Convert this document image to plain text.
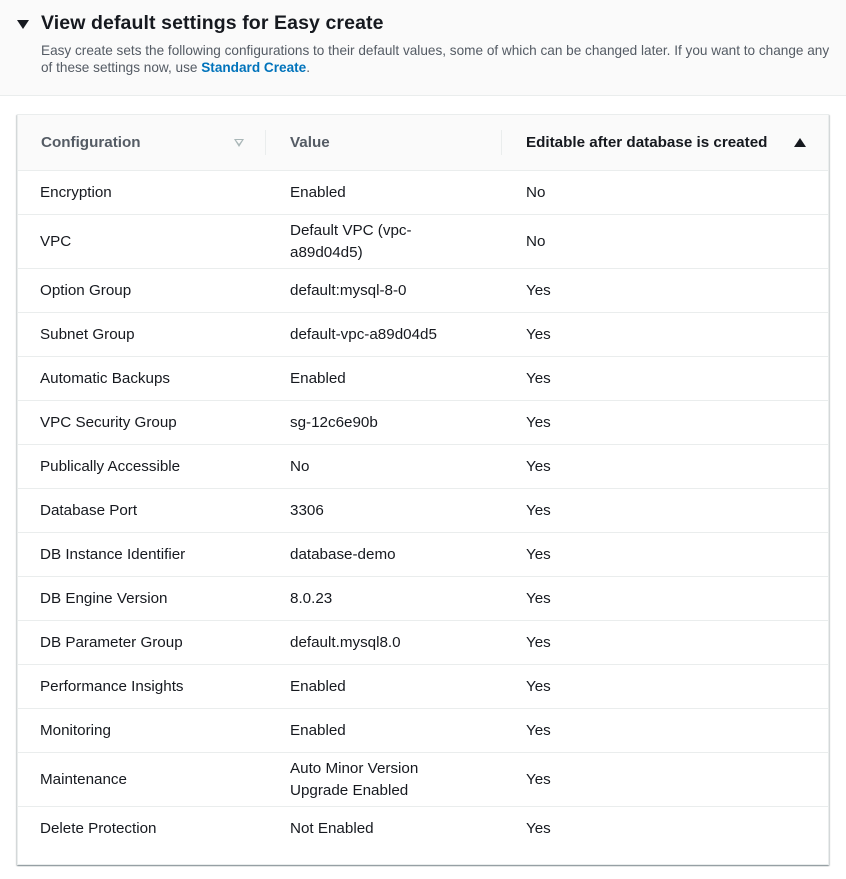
View default settings for Easy create
Easy create sets the following configurations to their default values, some of which can be changed later. If you want to change any of these settings now, use Standard Create.
Configuration	Value	Editable after database is created

Encryption	Enabled	No
VPC	Default VPC (vpc-a89d04d5)	No
Option Group	default:mysql-8-0	Yes
Subnet Group	default-vpc-a89d04d5	Yes
Automatic Backups	Enabled	Yes
VPC Security Group	sg-12c6e90b	Yes
Publically Accessible	No	Yes
Database Port	3306	Yes
DB Instance Identifier	database-demo	Yes
DB Engine Version	8.0.23	Yes
DB Parameter Group	default.mysql8.0	Yes
Performance Insights	Enabled	Yes
Monitoring	Enabled	Yes
Maintenance	Auto Minor Version Upgrade Enabled	Yes
Delete Protection	Not Enabled	Yes
